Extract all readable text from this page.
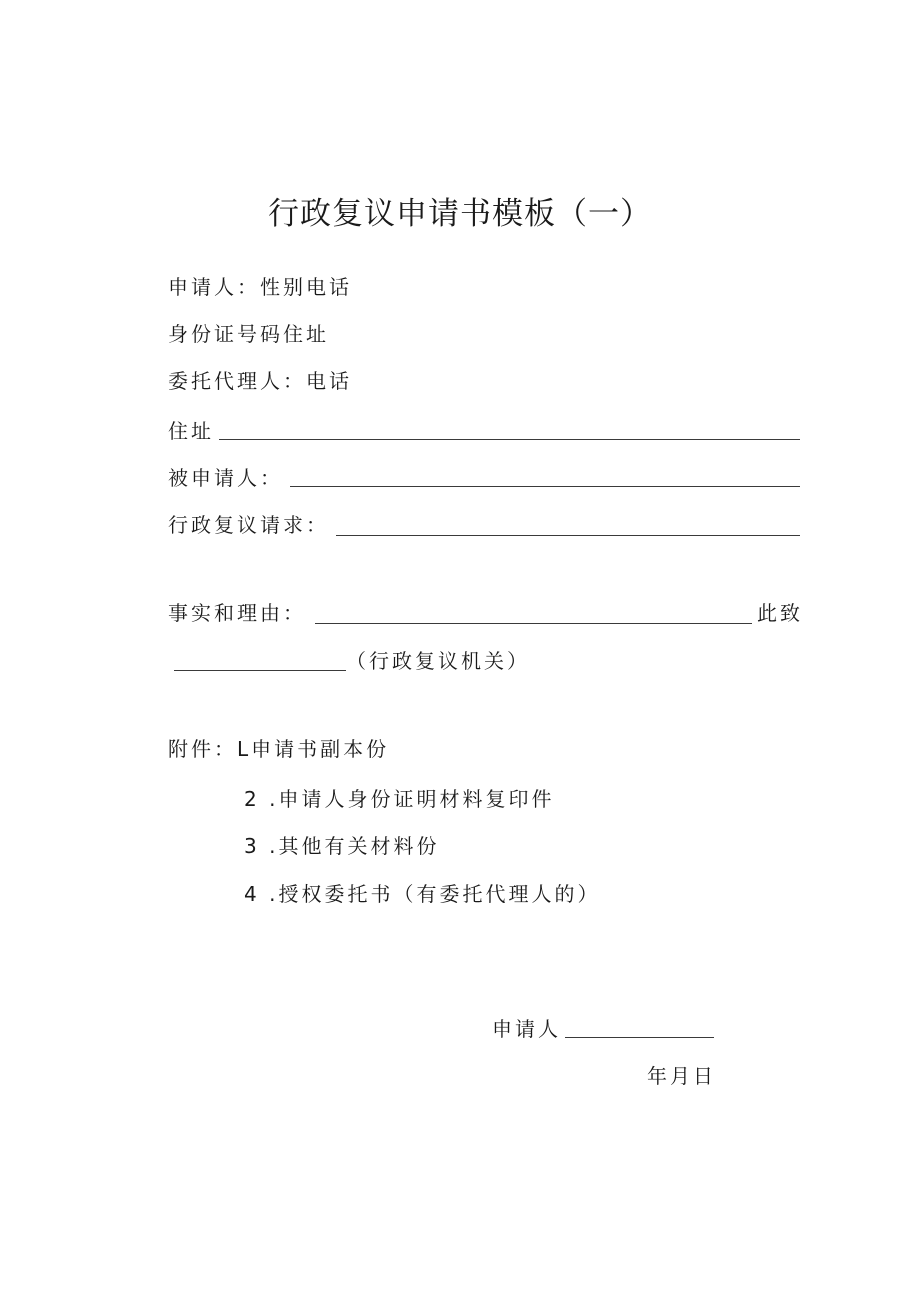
行政复议申请书模板（一）
申请人：性别电话
身份证号码住址
委托代理人：电话
住址
被申请人：
行政复议请求：
事实和理由：	此致
（行政复议机关）
附件：L申请书副本份
2 .申请人身份证明材料复印件
3 .其他有关材料份
4 .授权委托书（有委托代理人的）
申请人
年月日
